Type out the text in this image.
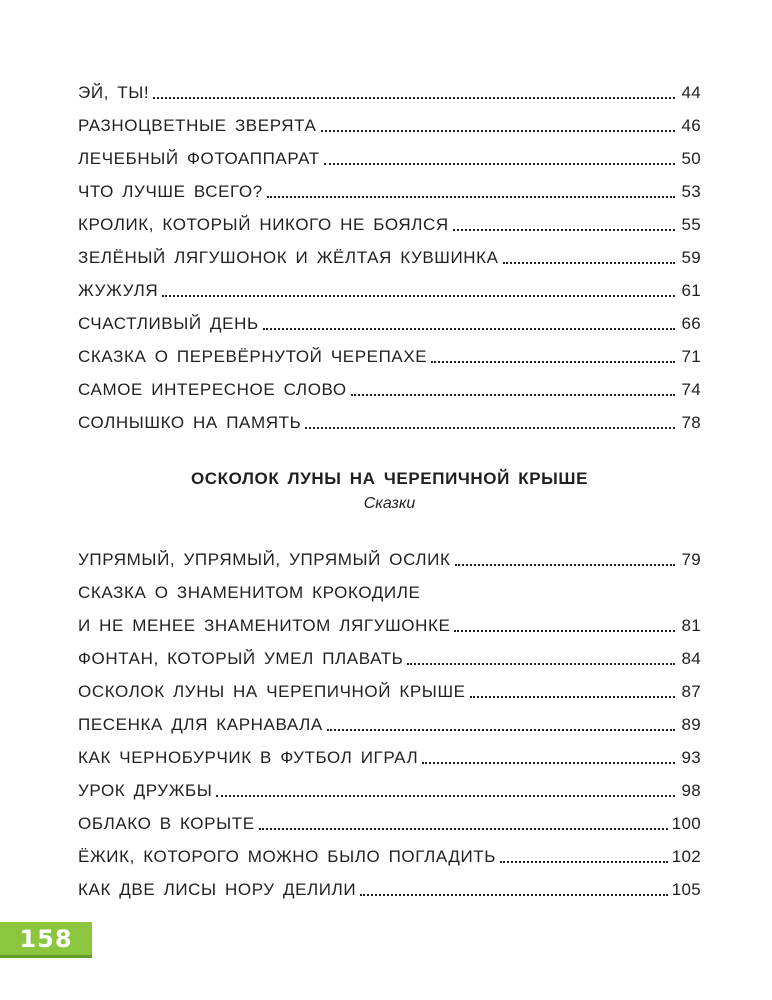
ЭЙ, ТЫ!	44
РАЗНОЦВЕТНЫЕ ЗВЕРЯТА	46
ЛЕЧЕБНЫЙ ФОТОАППАРАТ	50
ЧТО ЛУЧШЕ ВСЕГО?	53
КРОЛИК, КОТОРЫЙ НИКОГО НЕ БОЯЛСЯ	55
ЗЕЛЁНЫЙ ЛЯГУШОНОК И ЖЁЛТАЯ КУВШИНКА	59
ЖУЖУЛЯ	61
СЧАСТЛИВЫЙ ДЕНЬ	66
СКАЗКА О ПЕРЕВЁРНУТОЙ ЧЕРЕПАХЕ	71
САМОЕ ИНТЕРЕСНОЕ СЛОВО	74
СОЛНЫШКО НА ПАМЯТЬ	78
ОСКОЛОК ЛУНЫ НА ЧЕРЕПИЧНОЙ КРЫШЕ
Сказки
УПРЯМЫЙ, УПРЯМЫЙ, УПРЯМЫЙ ОСЛИК	79
СКАЗКА О ЗНАМЕНИТОМ КРОКОДИЛЕ
И НЕ МЕНЕЕ ЗНАМЕНИТОМ ЛЯГУШОНКЕ	81
ФОНТАН, КОТОРЫЙ УМЕЛ ПЛАВАТЬ	84
ОСКОЛОК ЛУНЫ НА ЧЕРЕПИЧНОЙ КРЫШЕ	87
ПЕСЕНКА ДЛЯ КАРНАВАЛА	89
КАК ЧЕРНОБУРЧИК В ФУТБОЛ ИГРАЛ	93
УРОК ДРУЖБЫ	98
ОБЛАКО В КОРЫТЕ	100
ЁЖИК, КОТОРОГО МОЖНО БЫЛО ПОГЛАДИТЬ	102
КАК ДВЕ ЛИСЫ НОРУ ДЕЛИЛИ	105
158
